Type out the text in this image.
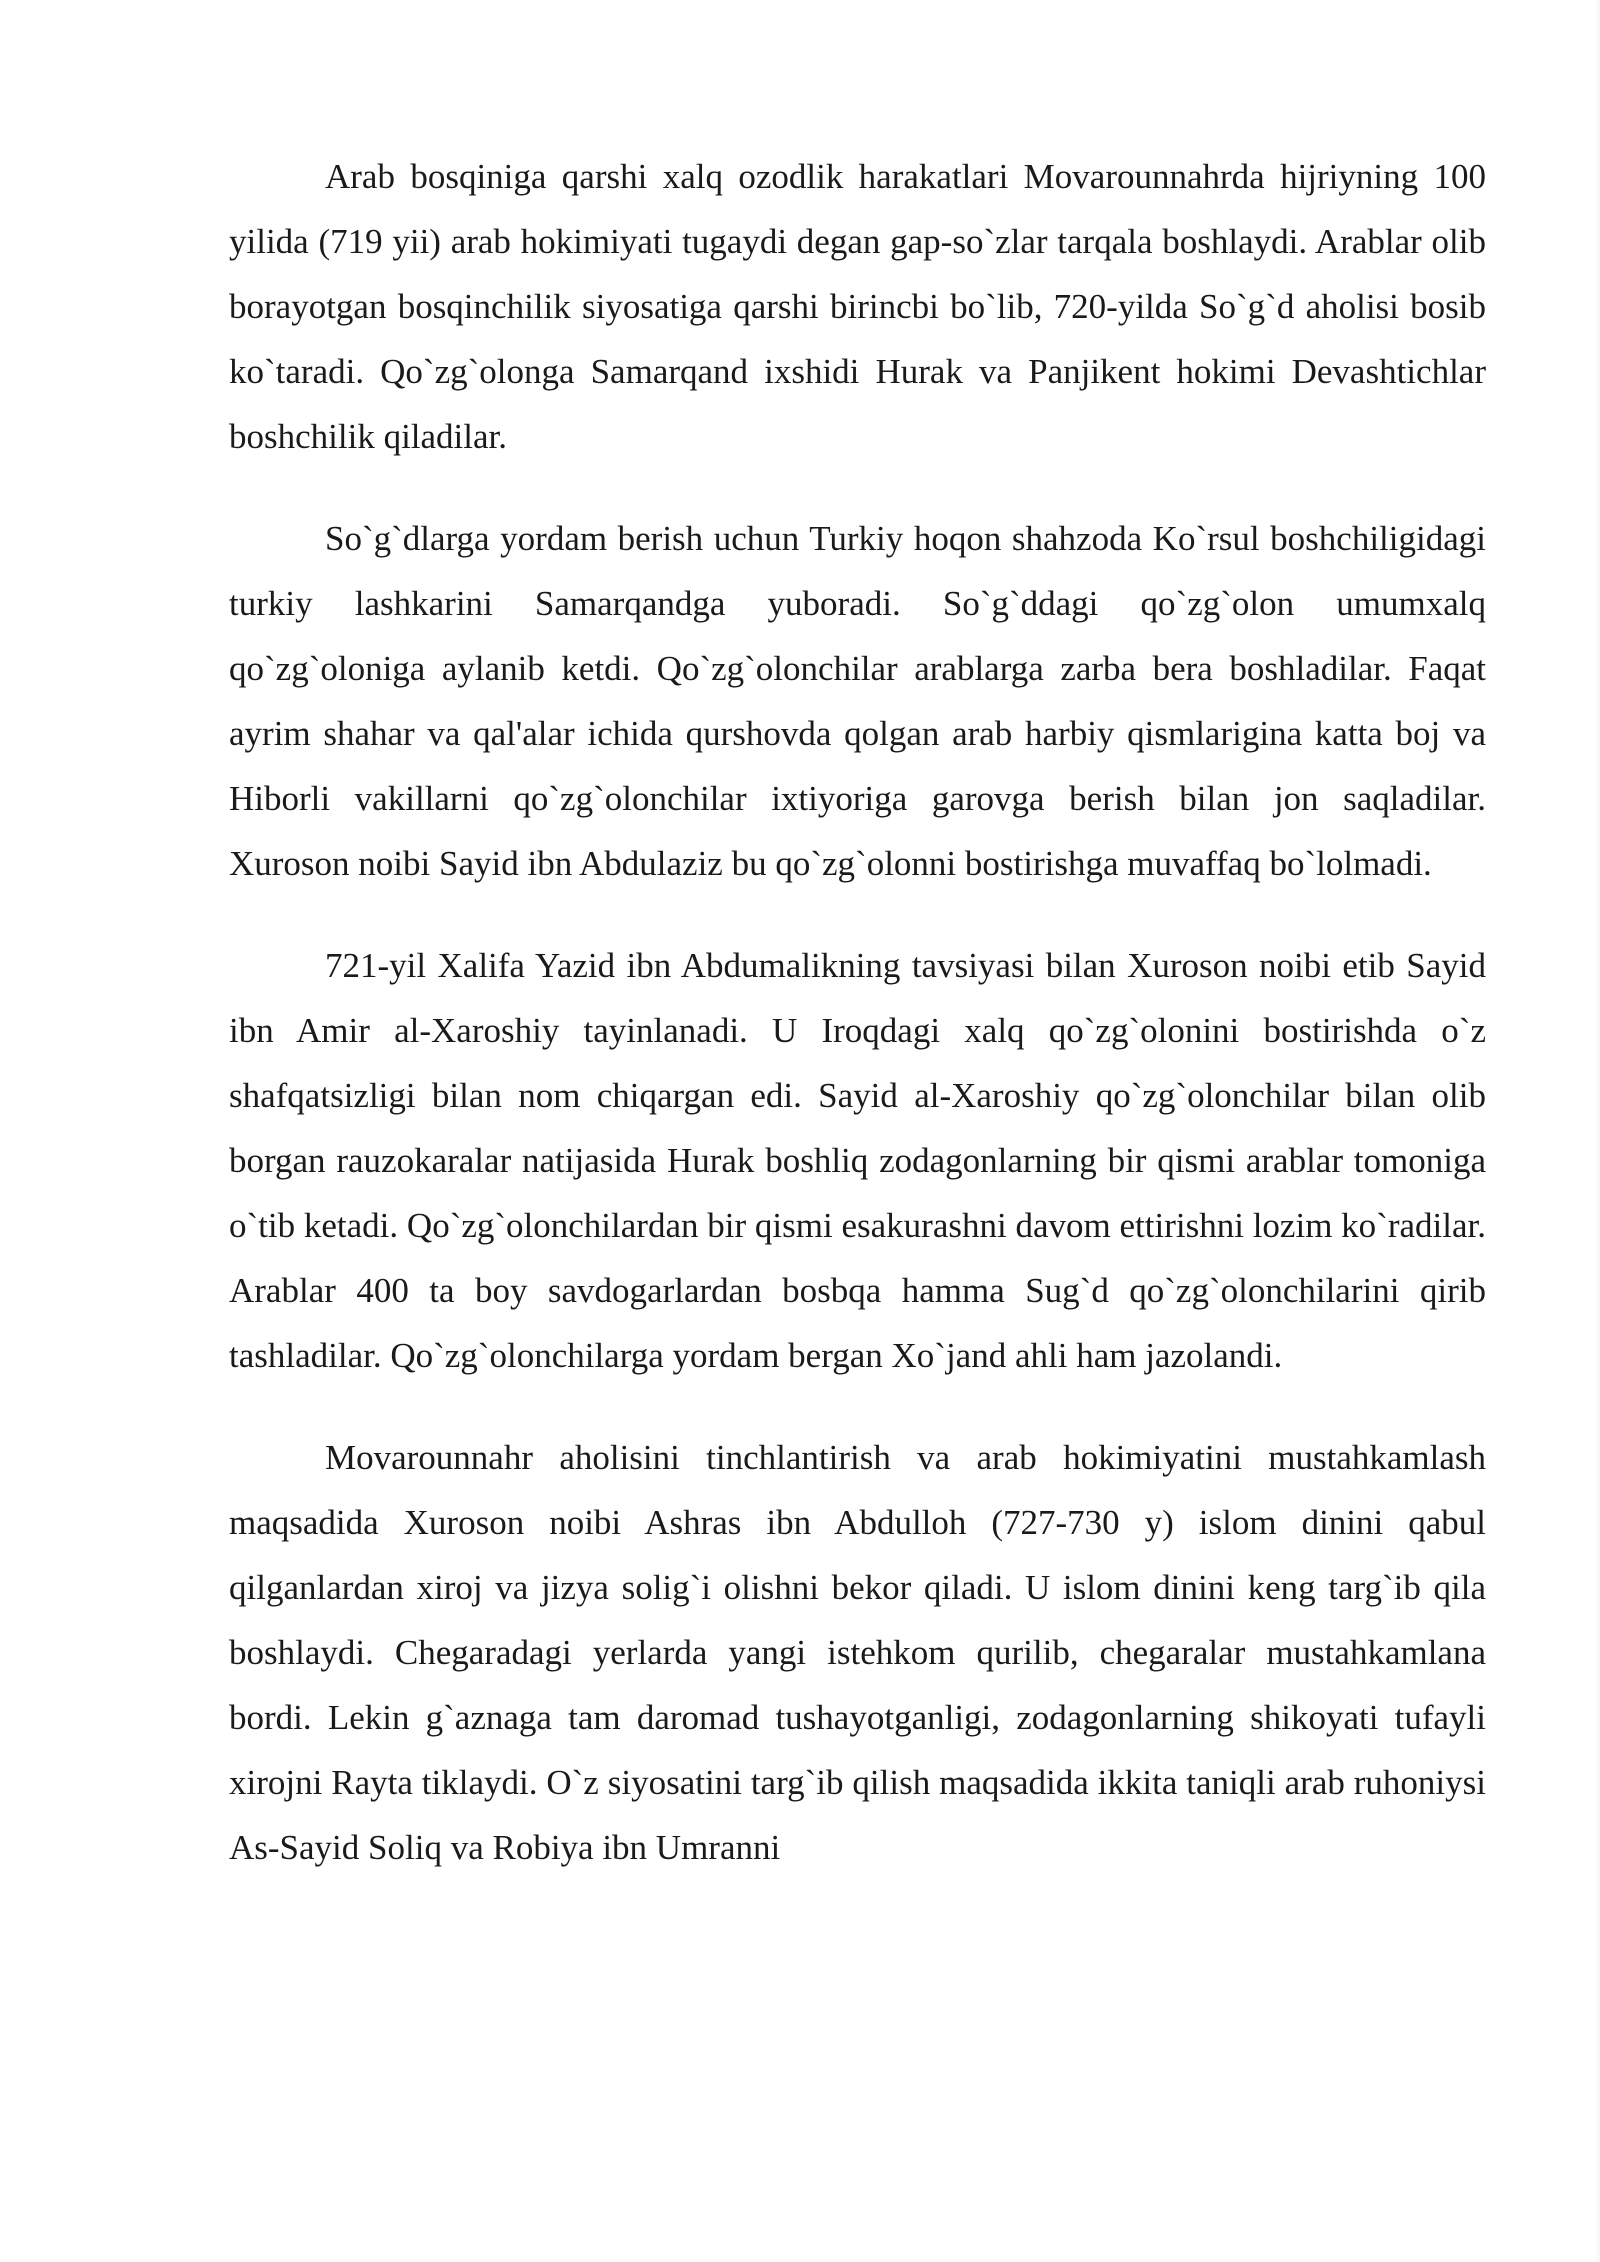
Arab bosqiniga qarshi xalq ozodlik harakatlari Movarounnahrda hijriyning 100 yilida (719 yii) arab hokimiyati tugaydi degan gap-so`zlar tarqala boshlaydi. Arablar olib borayotgan bosqinchilik siyosatiga qarshi birincbi bo`lib, 720-yilda So`g`d aholisi bosib ko`taradi. Qo`zg`olonga Samarqand ixshidi Hurak va Panjikent hokimi Devashtichlar boshchilik qiladilar.

So`g`dlarga yordam berish uchun Turkiy hoqon shahzoda Ko`rsul boshchiligidagi turkiy lashkarini Samarqandga yuboradi. So`g`ddagi qo`zg`olon umumxalq qo`zg`oloniga aylanib ketdi. Qo`zg`olonchilar arablarga zarba bera boshladilar. Faqat ayrim shahar va qal'alar ichida qurshovda qolgan arab harbiy qismlariginа katta boj va Hiborli vakillarni qo`zg`olonchilar ixtiyoriga garovga berish bilan jon saqladilar. Xuroson noibi Sayid ibn Abdulaziz bu qo`zg`olonni bostirishga muvaffaq bo`lolmadi.

721-yil Xalifa Yazid ibn Abdumalikning tavsiyasi bilan Xuroson noibi etib Sayid ibn Amir al-Xaroshiy tayinlanadi. U Iroqdagi xalq qo`zg`olonini bostirishda o`z shafqatsizligi bilan nom chiqargan edi. Sayid al-Xaroshiy qo`zg`olonchilar bilan olib borgan rauzokaralar natijasida Hurak boshliq zodagonlarning bir qismi arablar tomoniga o`tib ketadi. Qo`zg`olonchilardan bir qismi esakurashni davom ettirishni lozim ko`radilar. Arablar 400 ta boy savdogarlardan bosbqa hamma Sug`d qo`zg`olonchilarini qirib tashladilar. Qo`zg`olonchilarga yordam bergan Xo`jand ahli ham jazolandi.

Movarounnahr aholisini tinchlantirish va arab hokimiyatini mustahkamlash maqsadida Xuroson noibi Ashras ibn Abdulloh (727-730 y) islom dinini qabul qilganlardan xiroj va jizya solig`i olishni bekor qiladi. U islom dinini keng targ`ib qila boshlaydi. Chegaradagi yerlarda yangi istehkom qurilib, chegaralar mustahkamlana bordi. Lekin g`aznaga tam daromad tushayotganligi, zodagonlarning shikoyati tufayli xirojni Rayta tiklaydi. O`z siyosatini targ`ib qilish maqsadida ikkita taniqli arab ruhoniysi As-Sayid Soliq va Robiya ibn Umranni
